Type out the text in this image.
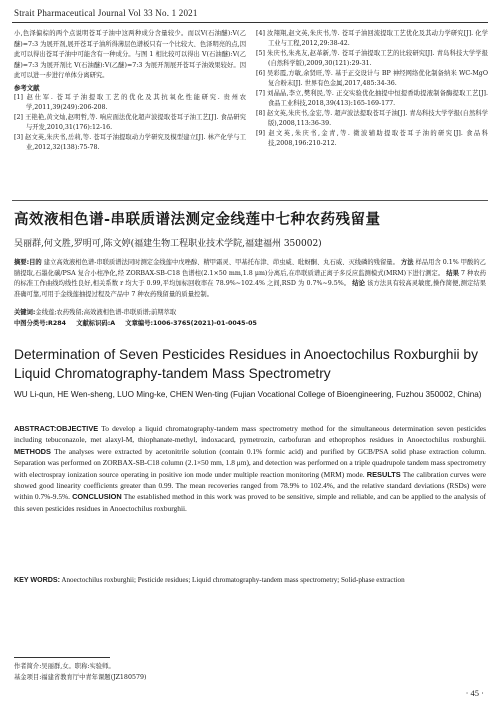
Strait Pharmaceutical Journal Vol 33 No. 1 2021

小,色泽偏棕的两个点说明苍耳子油中这两种成分含量较少。而以V(石油醚):V(乙醚)=7:3 为展开剂,展开苍耳子油所得薄层色谱板只有一个比较大、色泽明亮的点,因此可以得出苍耳子油中可能含有一种成分。与图 1 相比较可以得出 V(石油醚):V(乙醚)=7:3 为展开剂比 V(石油醚):V(乙醚)=7:3 为展开剂展开苍耳子油效果较好。因此可以进一步进行单体分离研究。

参考文献

[1] 赵仕军. 苍耳子油提取工艺的优化及其抗氧化性能研究. 贵州农学,2011,39(249):206-208.

[2] 王艳艳,黄文灿,赵明哲,等. 响应面法优化超声波提取苍耳子油工艺[J]. 食品研究与开发,2010,31(176):12-16.

[3] 赵文英,朱庆书,岳莉,等. 苍耳子油提取动力学研究及模型建立[J]. 林产化学与工业,2012,32(138):75-78.

[4] 汝翔翔,赵文英,朱庆书,等. 苍耳子油回流提取工艺优化及其动力学研究[J]. 化学工业与工程,2012,29:38-42.

[5] 朱庆书,朱兆友,赵革新,等. 苍耳子油提取工艺的比较研究[J]. 青岛科技大学学报(自然科学版),2009,30(121):29-31.

[6] 吴彩霞,方敏,余贤旺,等. 基于正交设计与 BP 神经网络优化制备纳米 WC-MgO 复合粉末[J]. 世界有色金属,2017,485:34-36.

[7] 刘晶晶,李立,樊利民,等. 正交实验优化抽提中恒提香助提液制备酶提取工艺[J]. 食品工业科技,2018,39(413):165-169-177.

[8] 赵文英,朱庆书,金宏,等. 超声波法提取苍耳子油[J]. 青岛科技大学学报(自然科学版),2008,113:36-39.

[9] 赵文英,朱庆书,金青,等. 微波辅助提取苍耳子油的研究[J]. 食品科技,2008,196:210-212.

高效液相色谱-串联质谱法测定金线莲中七种农药残留量
吴丽群,何文胜,罗明可,陈文婷(福建生物工程职业技术学院,福建福州 350002)
摘要:目的 建立高效液相色谱-串联质谱法同时测定金线莲中戊唑醇、精甲霜灵、甲基托布津、茚虫威、吡蚜酮、丸石威、灭线磷的残留量。 方法 样品用含 0.1% 甲酸的乙腈提取,石墨化碳/PSA 复合小柱净化,经 ZORBAX-SB-C18 色谱柱(2.1×50 mm,1.8 μm)分离后,在串联质谱正离子多反应监测模式(MRM)下进行测定。 结果 7 种农药的标准工作曲线均线性良好,相关系数 r 均大于 0.99,平均加标回收率在 78.9%~102.4% 之间,RSD 为 0.7%~9.5%。 结论 该方法具有较高灵敏度,操作简便,测定结果准确可靠,可用于金线莲抽提过程及产品中 7 种农药残留量的质量控制。
关键词:金线莲;农药残留;高效液相色谱-串联质谱;前期萃取
中图分类号:R284 文献标识码:A 文章编号:1006-3765(2021)-01-0045-05
Determination of Seven Pesticides Residues in Anoectochilus Roxburghii by Liquid Chromatography-tandem Mass Spectrometry
WU Li-qun, HE Wen-sheng, LUO Ming-ke, CHEN Wen-ting (Fujian Vocational College of Bioengineering, Fuzhou 350002, China)
ABSTRACT:OBJECTIVE To develop a liquid chromatography-tandem mass spectrometry method for the simultaneous determination seven pesticides including tebuconazole, met alaxyl-M, thiophanate-methyl, indoxacard, pymetrozin, carbofuran and ethoprophos residues in Anoectochilus roxburghii. METHODS The analyses were extracted by acetonitrile solution (contain 0.1% formic acid) and purified by GCB/PSA solid phase extraction column. Separation was performed on ZORBAX-SB-C18 column (2.1×50 mm, 1.8 μm), and detection was performed on a triple quadrupole tandem mass spectrometry with electrospray ionization source operating in positive ion mode under multiple reaction monitoring (MRM) mode. RESULTS The calibration curves were showed good linearity coefficients greater than 0.99. The mean recoveries ranged from 78.9% to 102.4%, and the relative standard deviations (RSDs) were within 0.7%-9.5%. CONCLUSION The established method in this work was proved to be sensitive, simple and reliable, and can be applied to the analysis of this seven pesticides residues in Anoectochilus roxburghii.
KEY WORDS: Anoectochilus roxburghii; Pesticide residues; Liquid chromatography-tandem mass spectrometry; Solid-phase extraction
作者简介:吴丽群,女。职称:实验师。
基金项目:福建省教育厅中青年课题(JZ180579)
· 45 ·
